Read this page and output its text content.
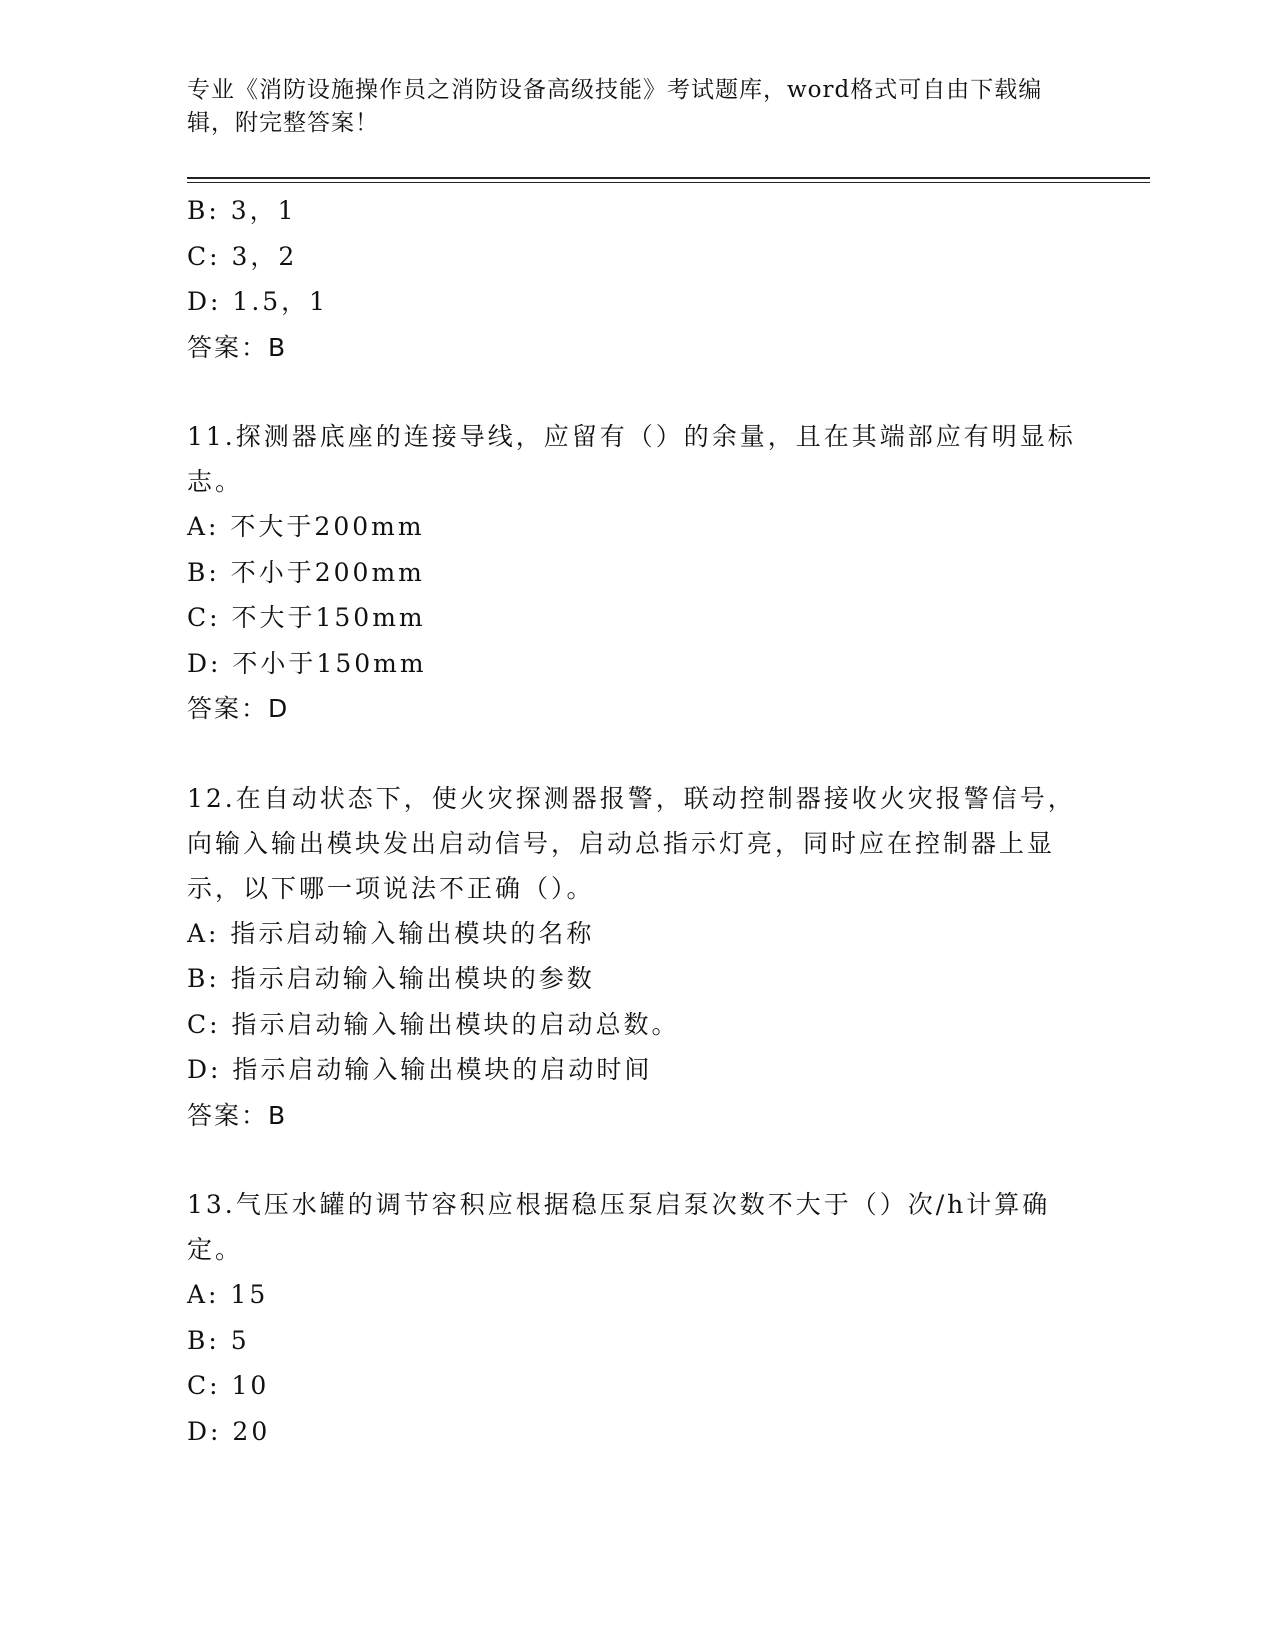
专业《消防设施操作员之消防设备高级技能》考试题库，word格式可自由下载编辑，附完整答案！
B: 3，1
C: 3，2
D: 1.5，1
答案：B
11.探测器底座的连接导线，应留有（）的余量，且在其端部应有明显标志。
A: 不大于200mm
B: 不小于200mm
C: 不大于150mm
D: 不小于150mm
答案：D
12.在自动状态下，使火灾探测器报警，联动控制器接收火灾报警信号，向输入输出模块发出启动信号，启动总指示灯亮，同时应在控制器上显示，以下哪一项说法不正确（）。
A: 指示启动输入输出模块的名称
B: 指示启动输入输出模块的参数
C: 指示启动输入输出模块的启动总数。
D: 指示启动输入输出模块的启动时间
答案：B
13.气压水罐的调节容积应根据稳压泵启泵次数不大于（）次/h计算确定。
A: 15
B: 5
C: 10
D: 20
